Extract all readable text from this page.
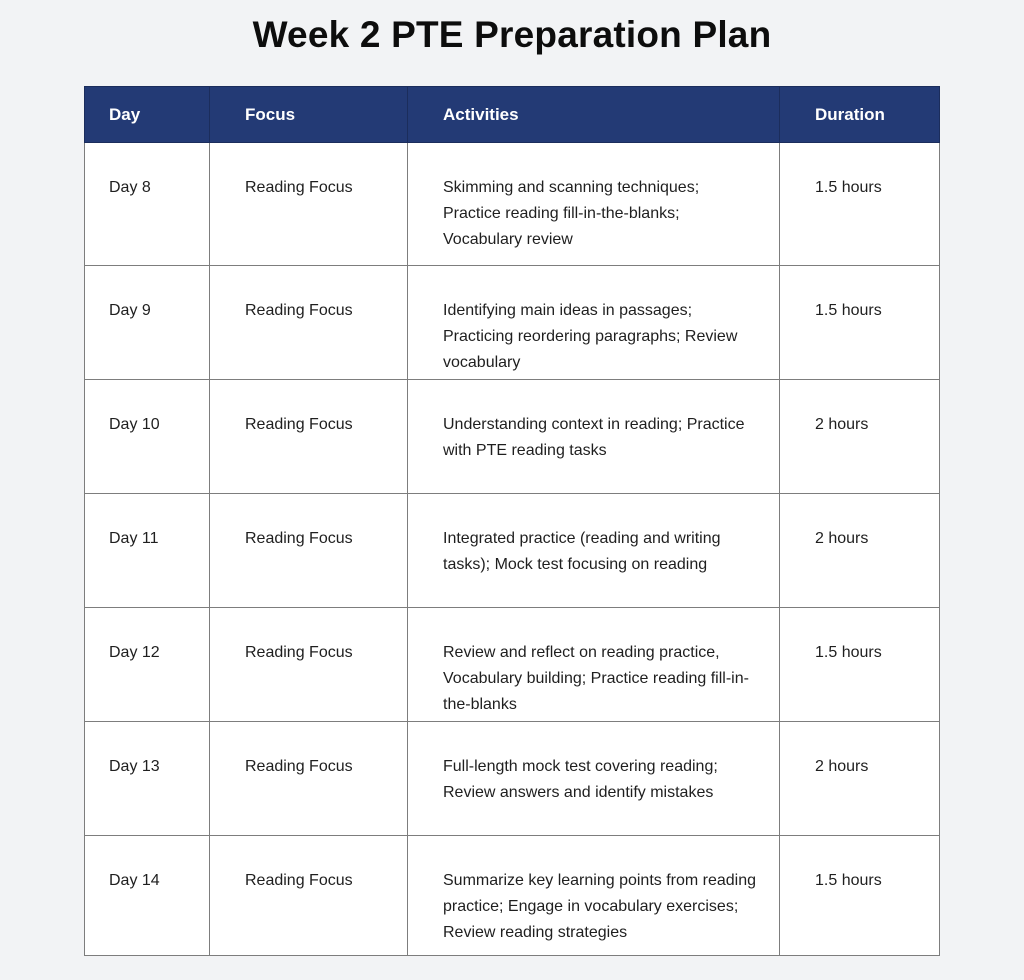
Week 2 PTE Preparation Plan
Day	Focus	Activities	Duration
Day 8	Reading Focus	Skimming and scanning techniques; Practice reading fill-in-the-blanks; Vocabulary review	1.5 hours
Day 9	Reading Focus	Identifying main ideas in passages; Practicing reordering paragraphs; Review vocabulary	1.5 hours
Day 10	Reading Focus	Understanding context in reading; Practice with PTE reading tasks	2 hours
Day 11	Reading Focus	Integrated practice (reading and writing tasks); Mock test focusing on reading	2 hours
Day 12	Reading Focus	Review and reflect on reading practice, Vocabulary building; Practice reading fill-in-the-blanks	1.5 hours
Day 13	Reading Focus	Full-length mock test covering reading; Review answers and identify mistakes	2 hours
Day 14	Reading Focus	Summarize key learning points from reading practice; Engage in vocabulary exercises; Review reading strategies	1.5 hours
